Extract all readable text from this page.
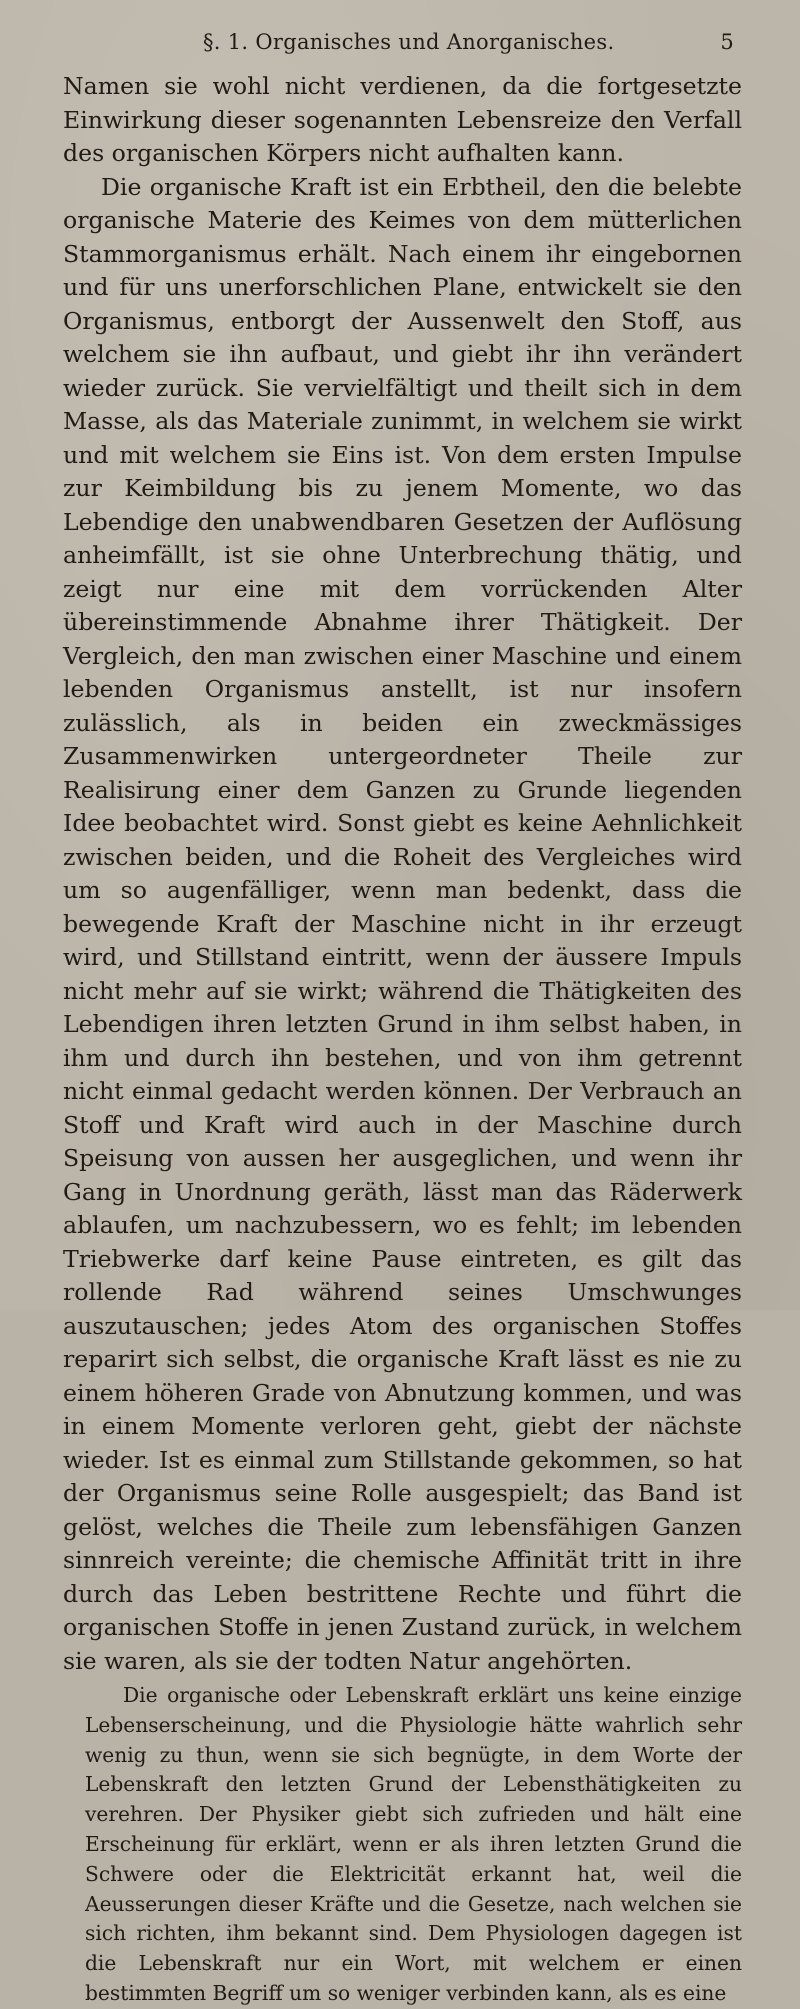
§. 1. Organisches und Anorganisches.	5

Namen sie wohl nicht verdienen, da die fortgesetzte Einwirkung dieser sogenannten Lebensreize den Verfall des organischen Körpers nicht aufhalten kann.

Die organische Kraft ist ein Erbtheil, den die belebte organische Materie des Keimes von dem mütterlichen Stammorganismus erhält. Nach einem ihr eingebornen und für uns unerforschlichen Plane, entwickelt sie den Organismus, entborgt der Aussenwelt den Stoff, aus welchem sie ihn aufbaut, und giebt ihr ihn verändert wieder zurück. Sie vervielfältigt und theilt sich in dem Masse, als das Materiale zunimmt, in welchem sie wirkt und mit welchem sie Eins ist. Von dem ersten Impulse zur Keimbildung bis zu jenem Momente, wo das Lebendige den unabwendbaren Gesetzen der Auflösung anheimfällt, ist sie ohne Unterbrechung thätig, und zeigt nur eine mit dem vorrückenden Alter übereinstimmende Abnahme ihrer Thätigkeit. Der Vergleich, den man zwischen einer Maschine und einem lebenden Organismus anstellt, ist nur insofern zulässlich, als in beiden ein zweckmässiges Zusammenwirken untergeordneter Theile zur Realisirung einer dem Ganzen zu Grunde liegenden Idee beobachtet wird. Sonst giebt es keine Aehnlichkeit zwischen beiden, und die Roheit des Vergleiches wird um so augenfälliger, wenn man bedenkt, dass die bewegende Kraft der Maschine nicht in ihr erzeugt wird, und Stillstand eintritt, wenn der äussere Impuls nicht mehr auf sie wirkt; während die Thätigkeiten des Lebendigen ihren letzten Grund in ihm selbst haben, in ihm und durch ihn bestehen, und von ihm getrennt nicht einmal gedacht werden können. Der Verbrauch an Stoff und Kraft wird auch in der Maschine durch Speisung von aussen her ausgeglichen, und wenn ihr Gang in Unordnung geräth, lässt man das Räderwerk ablaufen, um nachzubessern, wo es fehlt; im lebenden Triebwerke darf keine Pause eintreten, es gilt das rollende Rad während seines Umschwunges auszutauschen; jedes Atom des organischen Stoffes reparirt sich selbst, die organische Kraft lässt es nie zu einem höheren Grade von Abnutzung kommen, und was in einem Momente verloren geht, giebt der nächste wieder. Ist es einmal zum Stillstande gekommen, so hat der Organismus seine Rolle ausgespielt; das Band ist gelöst, welches die Theile zum lebensfähigen Ganzen sinnreich vereinte; die chemische Affinität tritt in ihre durch das Leben bestrittene Rechte und führt die organischen Stoffe in jenen Zustand zurück, in welchem sie waren, als sie der todten Natur angehörten.

Die organische oder Lebenskraft erklärt uns keine einzige Lebenserscheinung, und die Physiologie hätte wahrlich sehr wenig zu thun, wenn sie sich begnügte, in dem Worte der Lebenskraft den letzten Grund der Lebensthätigkeiten zu verehren. Der Physiker giebt sich zufrieden und hält eine Erscheinung für erklärt, wenn er als ihren letzten Grund die Schwere oder die Elektricität erkannt hat, weil die Aeusserungen dieser Kräfte und die Gesetze, nach welchen sie sich richten, ihm bekannt sind. Dem Physiologen dagegen ist die Lebenskraft nur ein Wort, mit welchem er einen bestimmten Begriff um so weniger verbinden kann, als es eine
